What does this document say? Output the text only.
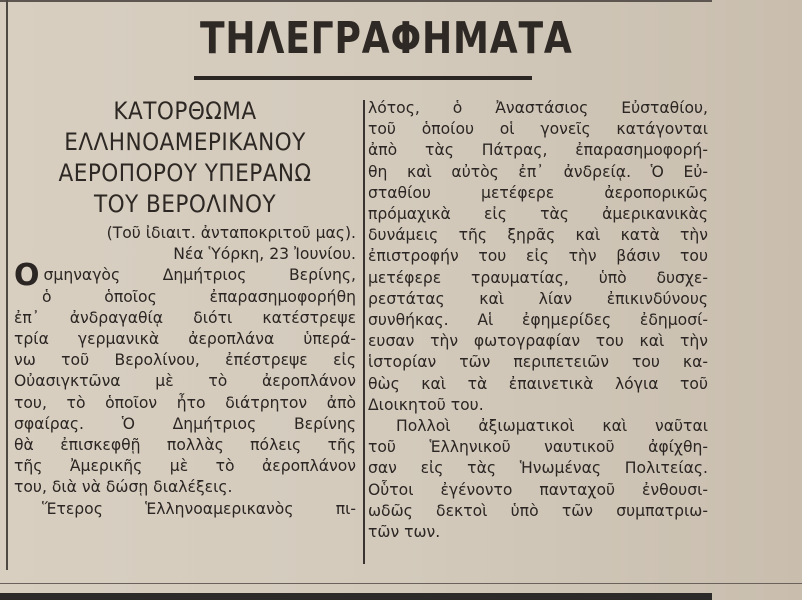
ΤΗΛΕΓΡΑΦΗΜΑΤΑ
ΚΑΤΟΡΘΩΜΑ
ΕΛΛΗΝΟΑΜΕΡΙΚΑΝΟΥ
ΑΕΡΟΠΟΡΟΥ ΥΠΕΡΑΝΩ
ΤΟΥ ΒΕΡΟΛΙΝΟΥ
(Τοῦ ἰδιαιτ. ἀνταποκριτοῦ μας).
Νέα Ὑόρκη, 23 Ἰουνίου.
Οσμηναγὸς Δημήτριος Βερίνης,
ὁ ὁποῖος ἐπαρασημοφορήθη
ἐπ᾽ ἀνδραγαθίᾳ διότι κατέστρεψε
τρία γερμανικὰ ἀεροπλάνα ὑπερά-
νω τοῦ Βερολίνου, ἐπέστρεψε εἰς
Οὐασιγκτῶνα μὲ τὸ ἀεροπλάνον
του, τὸ ὁποῖον ἦτο διάτρητον ἀπὸ
σφαίρας. Ὁ Δημήτριος Βερίνης
θὰ ἐπισκεφθῇ πολλὰς πόλεις τῆς
τῆς Ἀμερικῆς μὲ τὸ ἀεροπλάνον
του, διὰ νὰ δώσῃ διαλέξεις.
Ἕτερος Ἑλληνοαμερικανὸς πι-
λότος, ὁ Ἀναστάσιος Εὐσταθίου,
τοῦ ὁποίου οἱ γονεῖς κατάγονται
ἀπὸ τὰς Πάτρας, ἐπαρασημοφορή-
θη καὶ αὐτὸς ἐπ᾽ ἀνδρείᾳ. Ὁ Εὐ-
σταθίου μετέφερε ἀεροπορικῶς
πρόμαχικὰ εἰς τὰς ἀμερικανικὰς
δυνάμεις τῆς ξηρᾶς καὶ κατὰ τὴν
ἐπιστροφήν του εἰς τὴν βάσιν του
μετέφερε τραυματίας, ὑπὸ δυσχε-
ρεστάτας καὶ λίαν ἐπικινδύνους
συνθήκας. Αἱ ἐφημερίδες ἐδημοσί-
ευσαν τὴν φωτογραφίαν του καὶ τὴν
ἱστορίαν τῶν περιπετειῶν του κα-
θὼς καὶ τὰ ἐπαινετικὰ λόγια τοῦ
Διοικητοῦ του.
Πολλοὶ ἀξιωματικοὶ καὶ ναῦται
τοῦ Ἑλληνικοῦ ναυτικοῦ ἀφίχθη-
σαν εἰς τὰς Ἡνωμένας Πολιτείας.
Οὗτοι ἐγένοντο πανταχοῦ ἐνθουσι-
ωδῶς δεκτοὶ ὑπὸ τῶν συμπατριω-
τῶν των.
